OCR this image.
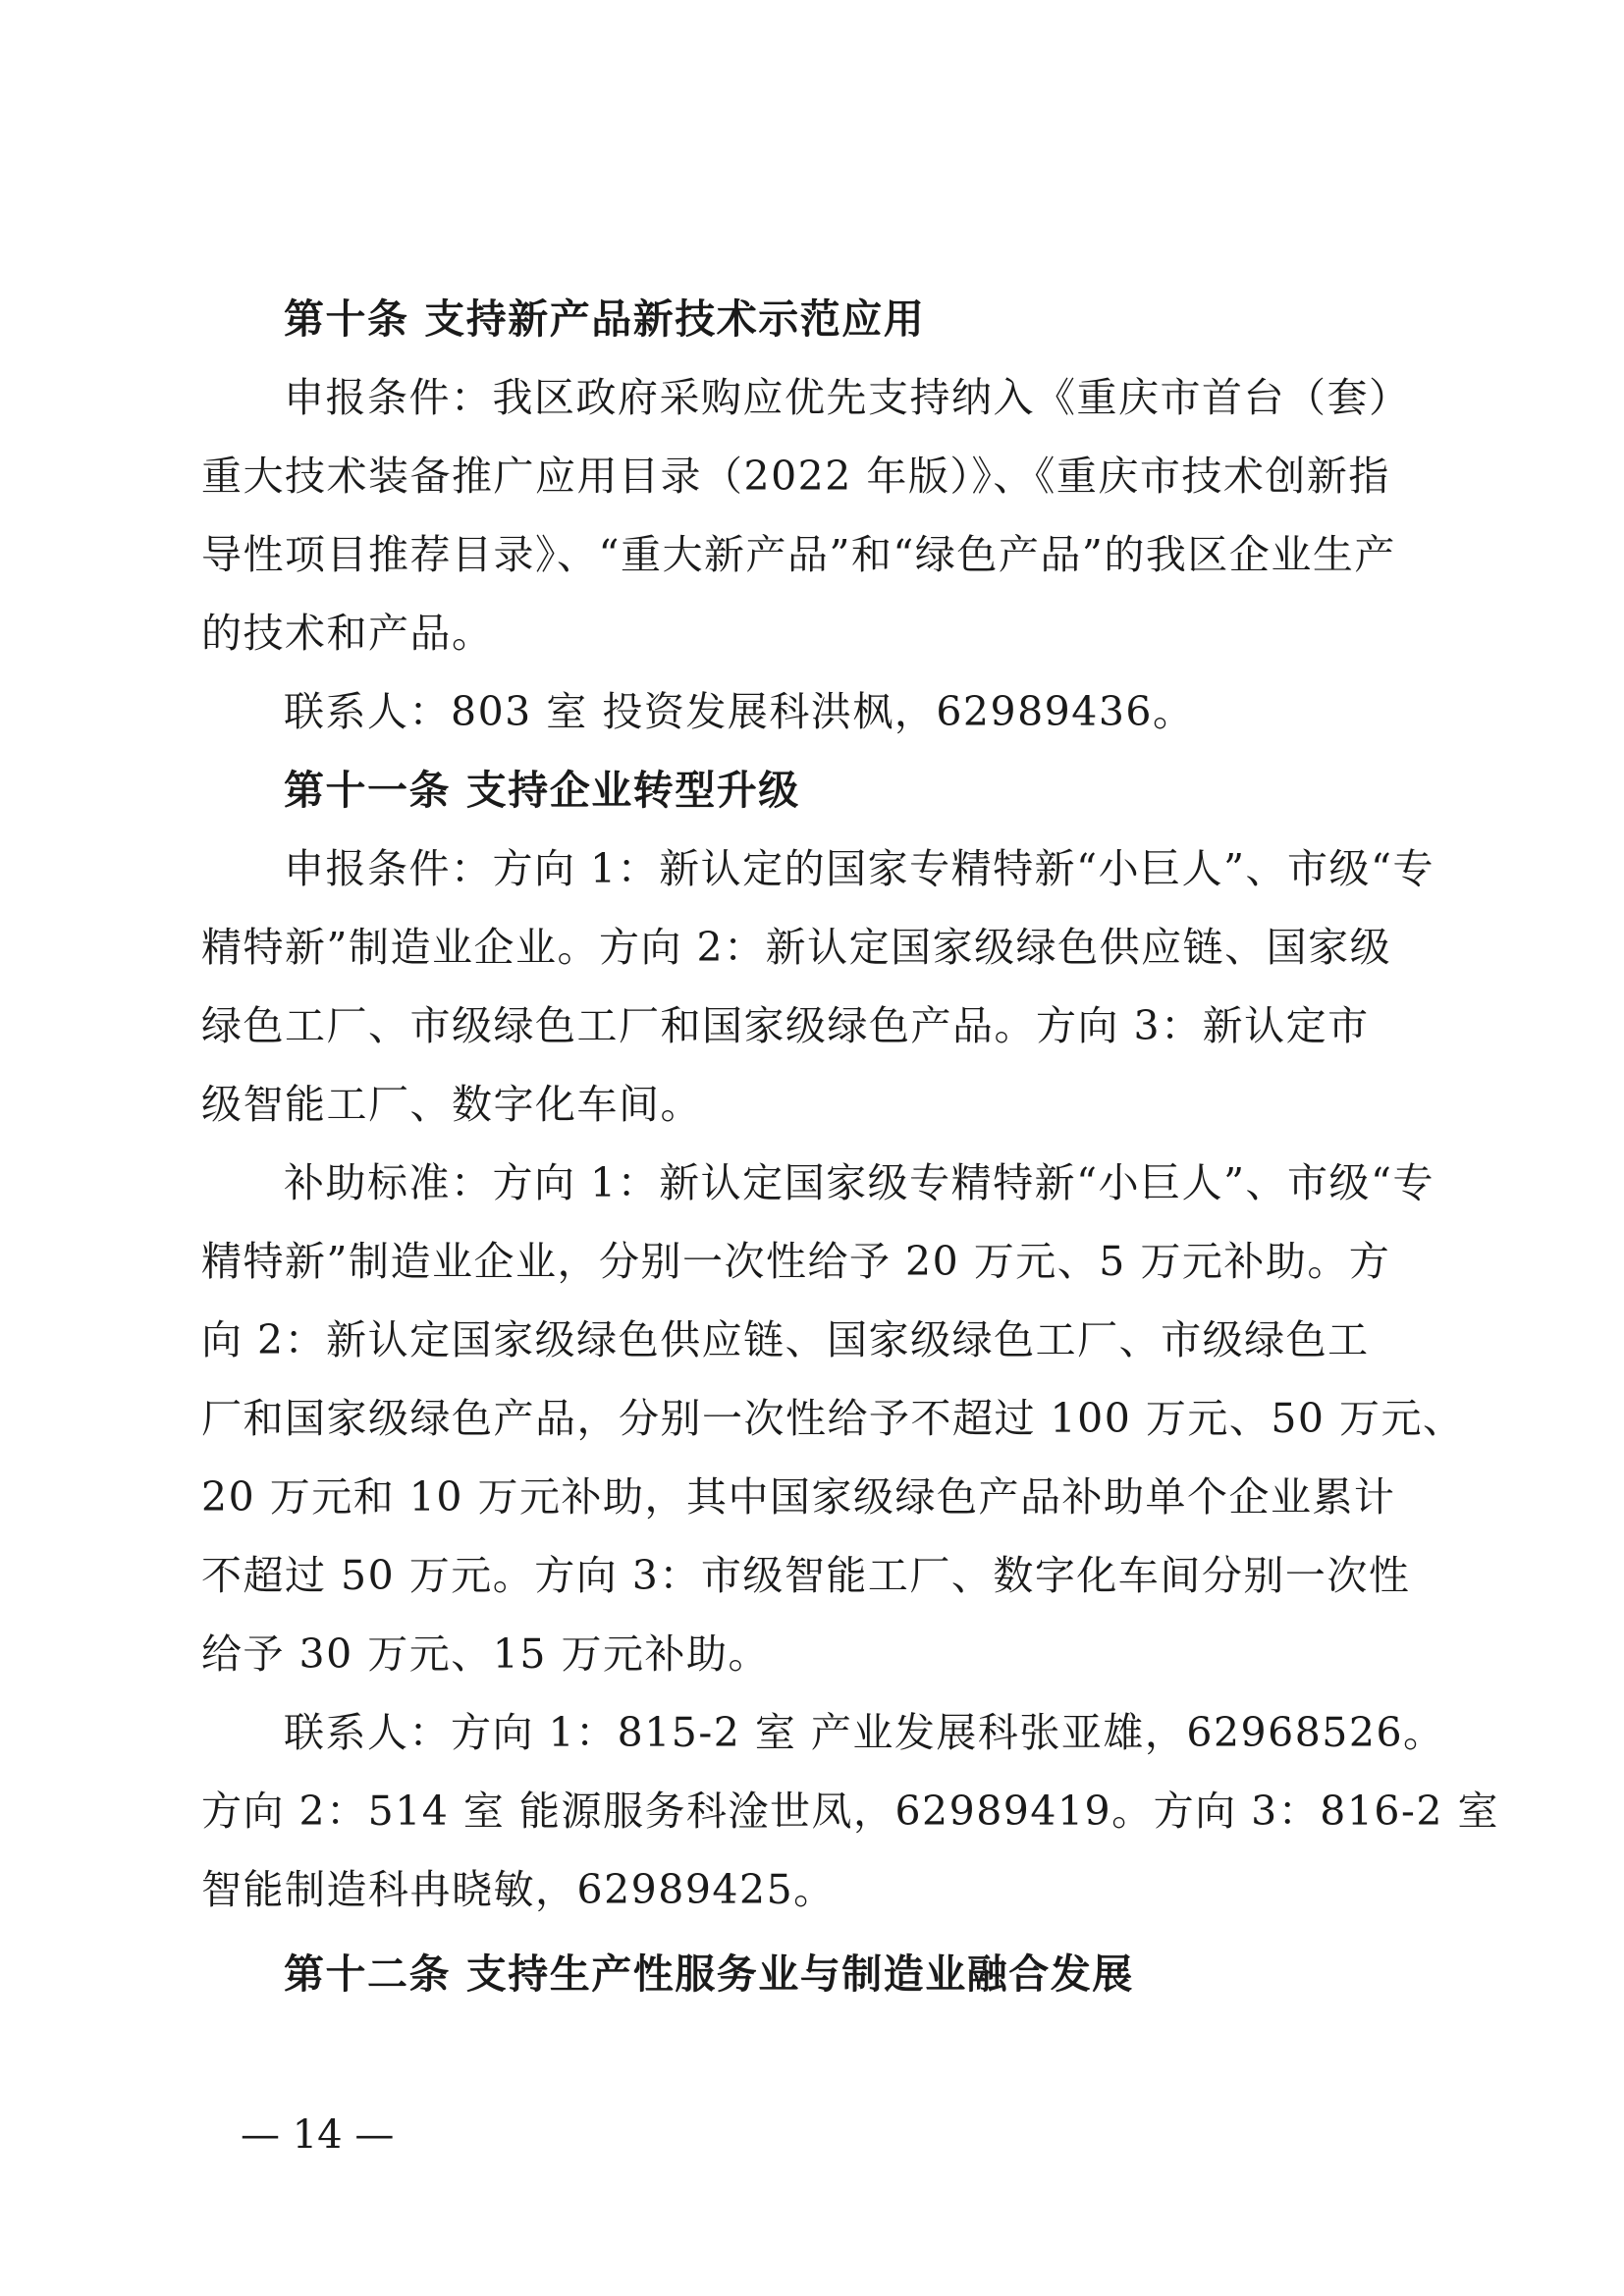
第十条 支持新产品新技术示范应用
申报条件：我区政府采购应优先支持纳入《重庆市首台（套）
重大技术装备推广应用目录（2022 年版）》、《重庆市技术创新指
导性项目推荐目录》、“重大新产品”和“绿色产品”的我区企业生产
的技术和产品。
联系人：803 室 投资发展科洪枫，62989436。
第十一条 支持企业转型升级
申报条件：方向 1：新认定的国家专精特新“小巨人”、市级“专
精特新”制造业企业。方向 2：新认定国家级绿色供应链、国家级
绿色工厂、市级绿色工厂和国家级绿色产品。方向 3：新认定市
级智能工厂、数字化车间。
补助标准：方向 1：新认定国家级专精特新“小巨人”、市级“专
精特新”制造业企业，分别一次性给予 20 万元、5 万元补助。方
向 2：新认定国家级绿色供应链、国家级绿色工厂、市级绿色工
厂和国家级绿色产品，分别一次性给予不超过 100 万元、50 万元、
20 万元和 10 万元补助，其中国家级绿色产品补助单个企业累计
不超过 50 万元。方向 3：市级智能工厂、数字化车间分别一次性
给予 30 万元、15 万元补助。
联系人：方向 1：815-2 室 产业发展科张亚雄，62968526。
方向 2：514 室 能源服务科淦世凤，62989419。方向 3：816-2 室
智能制造科冉晓敏，62989425。
第十二条 支持生产性服务业与制造业融合发展
— 14 —
